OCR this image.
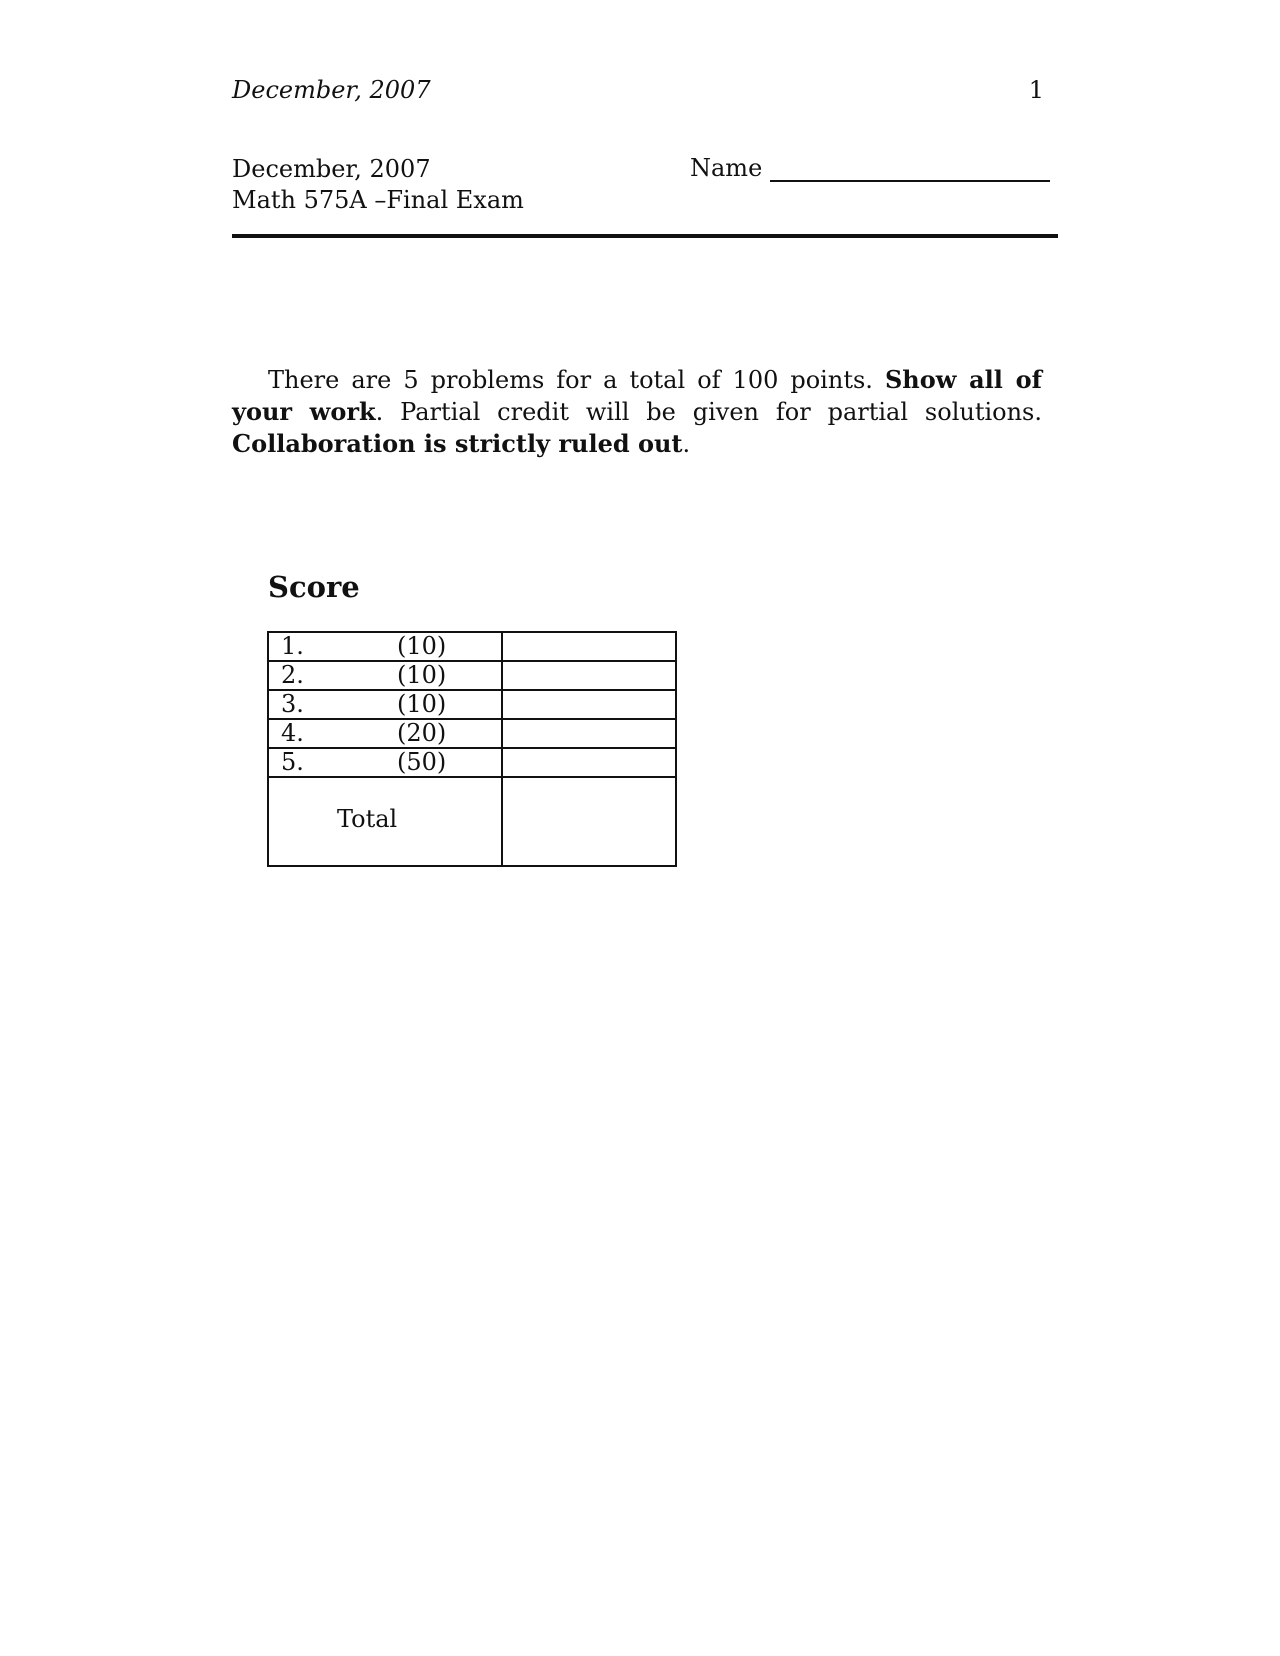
December, 2007	1
December, 2007
Math 575A –Final Exam
Name
There are 5 problems for a total of 100 points. Show all of your work. Partial credit will be given for partial solutions. Collaboration is strictly ruled out.
Score
1. (10)	

2. (10)	

3. (10)	

4. (20)	

5. (50)	

Total	
